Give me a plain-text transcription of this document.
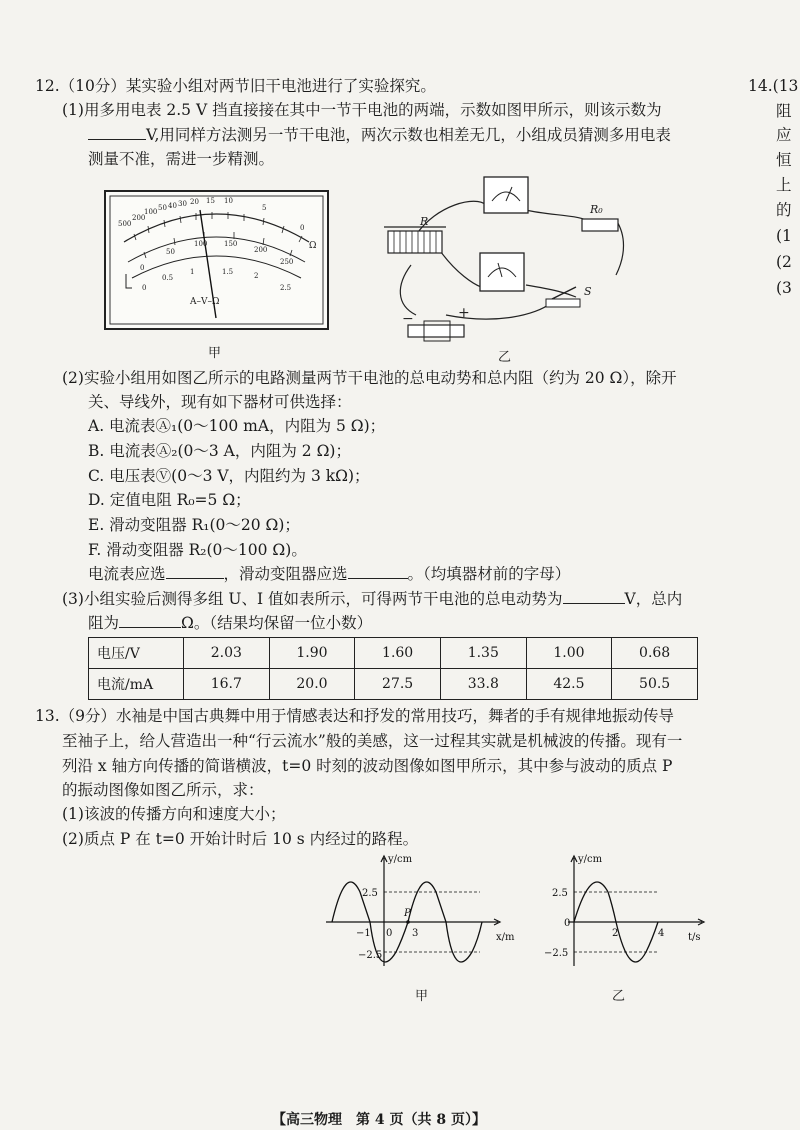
12.（10分）某实验小组对两节旧干电池进行了实验探究。
(1)用多用电表 2.5 V 挡直接接在其中一节干电池的两端，示数如图甲所示，则该示数为
V,用同样方法测另一节干电池，两次示数也相差无几，小组成员猜测多用电表
测量不准，需进一步精测。
500
200
100 50 40 30 20 15 10
5
0
Ω
0
50
100 150
200
250
0
0.5
1	1.5	2
2.5
A–V–Ω
甲
R
R₀
S
−	+
乙
(2)实验小组用如图乙所示的电路测量两节干电池的总电动势和总内阻（约为 20 Ω），除开
关、导线外，现有如下器材可供选择：
A. 电流表Ⓐ₁(0～100 mA，内阻为 5 Ω)；
B. 电流表Ⓐ₂(0～3 A，内阻为 2 Ω)；
C. 电压表Ⓥ(0～3 V，内阻约为 3 kΩ)；
D. 定值电阻 R₀=5 Ω；
E. 滑动变阻器 R₁(0～20 Ω)；
F. 滑动变阻器 R₂(0～100 Ω)。
电流表应选	，滑动变阻器应选	。（均填器材前的字母）
(3)小组实验后测得多组 U、I 值如表所示，可得两节干电池的总电动势为	V，总内
阻为	Ω。（结果均保留一位小数）
电压/V	2.03	1.90	1.60	1.35	1.00	0.68
电流/mA	16.7	20.0	27.5	33.8	42.5	50.5
13.（9分）水袖是中国古典舞中用于情感表达和抒发的常用技巧，舞者的手有规律地振动传导
至袖子上，给人营造出一种“行云流水”般的美感，这一过程其实就是机械波的传播。现有一
列沿 x 轴方向传播的简谐横波，t=0 时刻的波动图像如图甲所示，其中参与波动的质点 P
的振动图像如图乙所示，求：
(1)该波的传播方向和速度大小；
(2)质点 P 在 t=0 开始计时后 10 s 内经过的路程。
y/cm
x/m
2.5
−2.5
−1 0 3
P
甲
y/cm
t/s
2.5
−2.5
0
2	4
乙
14.(13
阻
应
恒
上
的
(1
(2
(3
【高三物理　第 4 页（共 8 页）】
